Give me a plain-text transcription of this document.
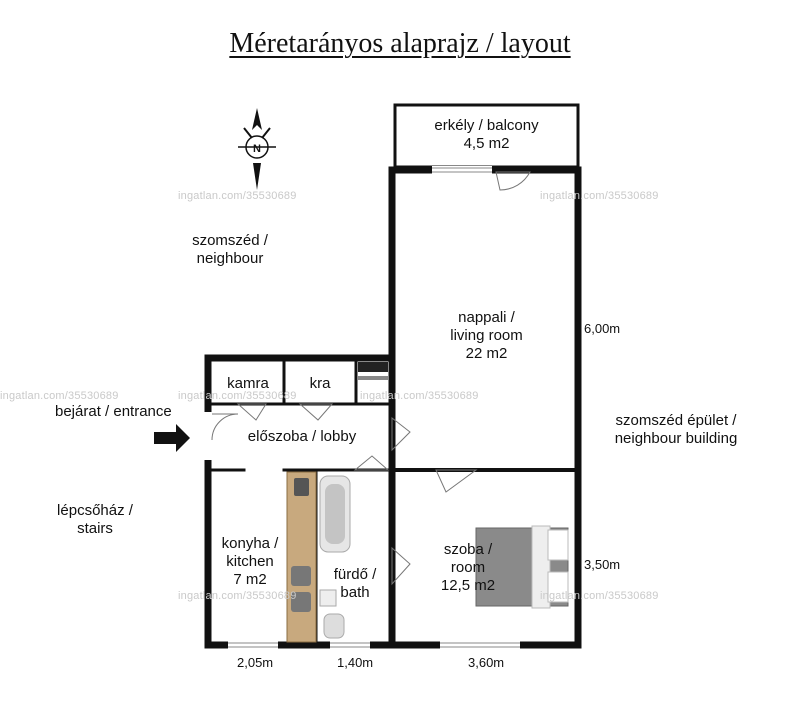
Méretarányos alaprajz / layout
N
erkély / balcony
4,5 m2
nappali /
living room
22 m2
kamra	kra
előszoba / lobby
konyha /
kitchen
7 m2	fürdő /
bath
szoba /
room
12,5 m2
szomszéd /
neighbour
bejárat / entrance
lépcsőház /
stairs
szomszéd épület /
neighbour building
6,00m
3,50m
2,05m	1,40m	3,60m
ingatlan.com/35530689	ingatlan.com/35530689
ingatlan.com/35530689	ingatlan.com/35530689	ingatlan.com/35530689
ingatlan.com/35530689	ingatlan.com/35530689
